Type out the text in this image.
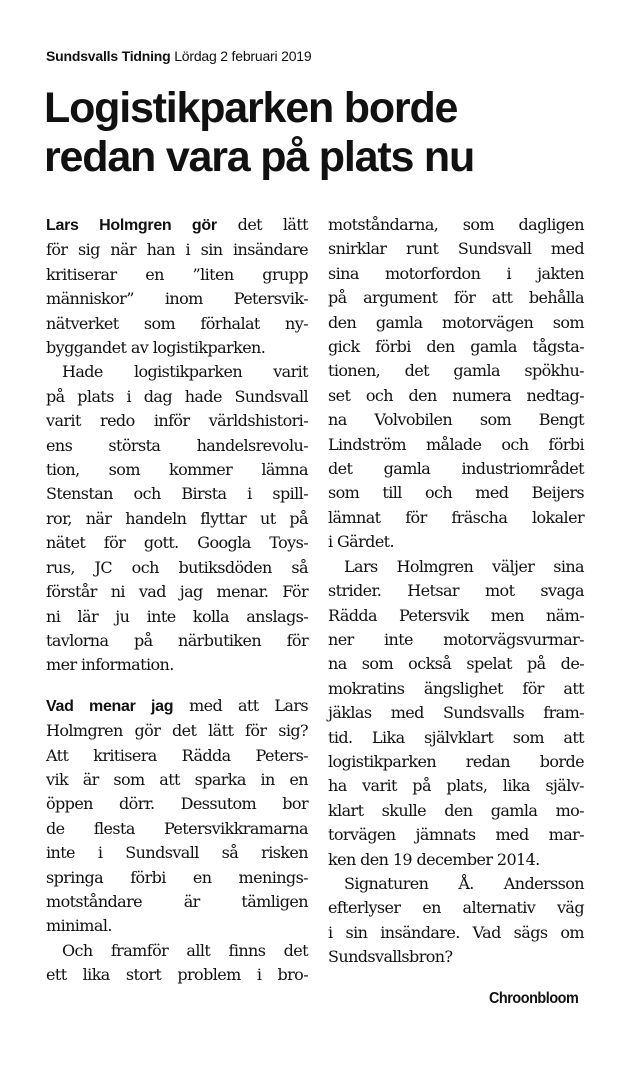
Sundsvalls Tidning Lördag 2 februari 2019
Logistikparken borde
redan vara på plats nu
Lars Holmgren gör det lätt
för sig när han i sin insändare
kritiserar en ”liten grupp
människor” inom Petersvik-
nätverket som förhalat ny-
byggandet av logistikparken.
Hade logistikparken varit
på plats i dag hade Sundsvall
varit redo inför världshistori-
ens största handelsrevolu-
tion, som kommer lämna
Stenstan och Birsta i spill-
ror, när handeln flyttar ut på
nätet för gott. Googla Toys-
rus, JC och butiksdöden så
förstår ni vad jag menar. För
ni lär ju inte kolla anslags-
tavlorna på närbutiken för
mer information.
Vad menar jag med att Lars
Holmgren gör det lätt för sig?
Att kritisera Rädda Peters-
vik är som att sparka in en
öppen dörr. Dessutom bor
de flesta Petersvikkramarna
inte i Sundsvall så risken
springa förbi en menings-
motståndare är tämligen
minimal.
Och framför allt finns det
ett lika stort problem i bro-
motståndarna, som dagligen
snirklar runt Sundsvall med
sina motorfordon i jakten
på argument för att behålla
den gamla motorvägen som
gick förbi den gamla tågsta-
tionen, det gamla spökhu-
set och den numera nedtag-
na Volvobilen som Bengt
Lindström målade och förbi
det gamla industriområdet
som till och med Beijers
lämnat för fräscha lokaler
i Gärdet.
Lars Holmgren väljer sina
strider. Hetsar mot svaga
Rädda Petersvik men näm-
ner inte motorvägsvurmar-
na som också spelat på de-
mokratins ängslighet för att
jäklas med Sundsvalls fram-
tid. Lika självklart som att
logistikparken redan borde
ha varit på plats, lika själv-
klart skulle den gamla mo-
torvägen jämnats med mar-
ken den 19 december 2014.
Signaturen Å. Andersson
efterlyser en alternativ väg
i sin insändare. Vad sägs om
Sundsvallsbron?
Chroonbloom
